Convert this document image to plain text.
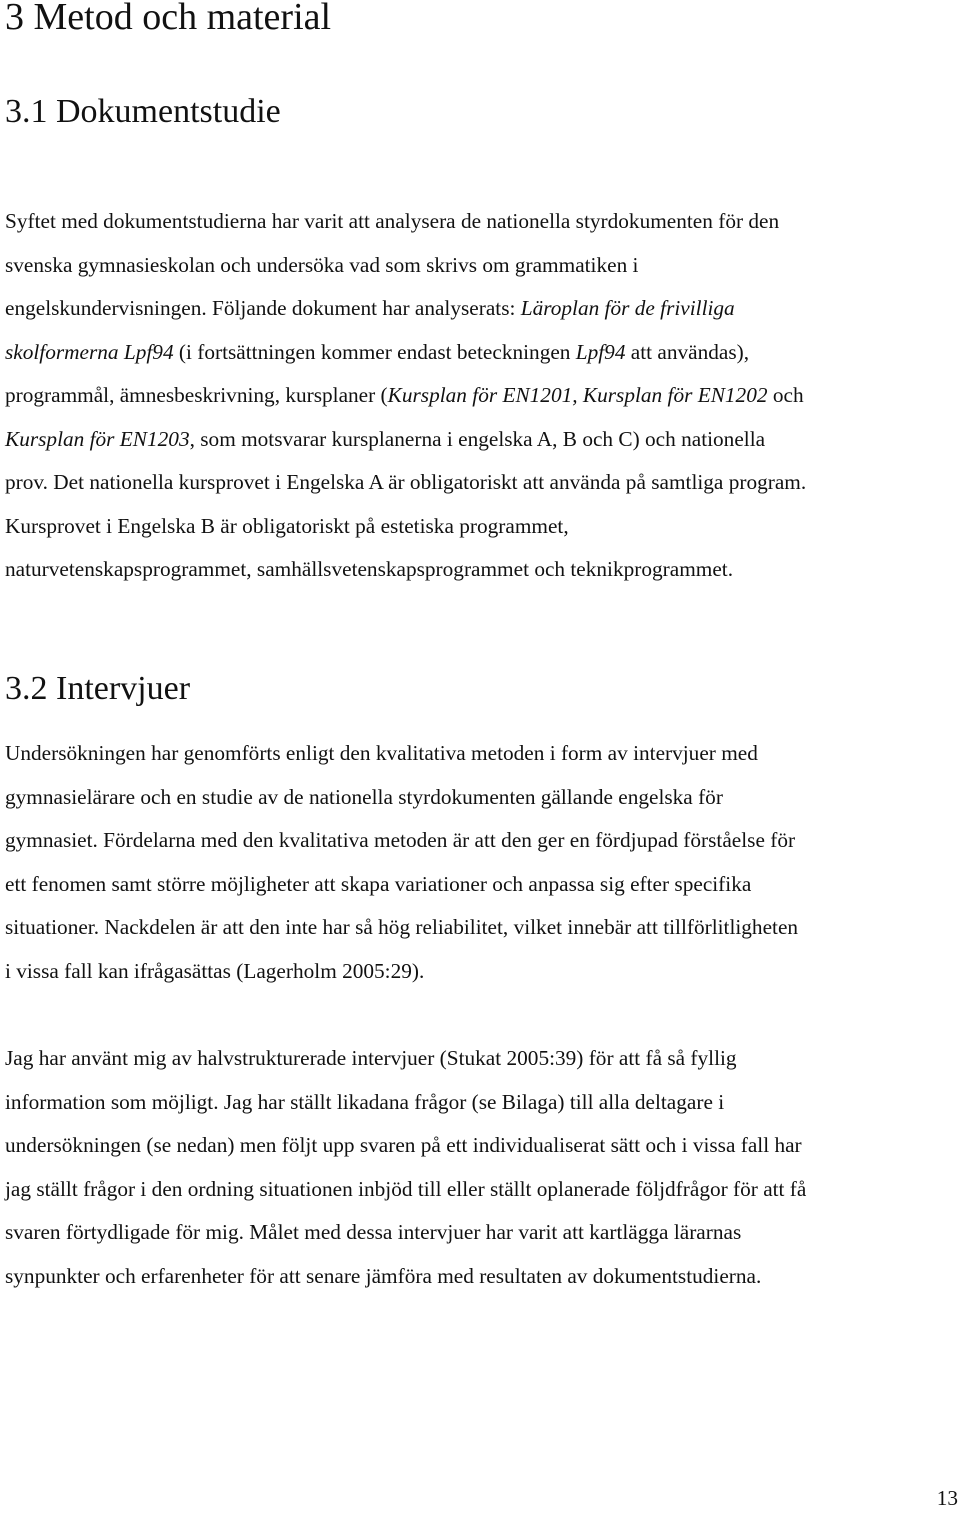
3 Metod och material
3.1 Dokumentstudie
Syftet med dokumentstudierna har varit att analysera de nationella styrdokumenten för den
svenska gymnasieskolan och undersöka vad som skrivs om grammatiken i
engelskundervisningen. Följande dokument har analyserats: Läroplan för de frivilliga
skolformerna Lpf94 (i fortsättningen kommer endast beteckningen Lpf94 att användas),
programmål, ämnesbeskrivning, kursplaner (Kursplan för EN1201, Kursplan för EN1202 och
Kursplan för EN1203, som motsvarar kursplanerna i engelska A, B och C) och nationella
prov. Det nationella kursprovet i Engelska A är obligatoriskt att använda på samtliga program.
Kursprovet i Engelska B är obligatoriskt på estetiska programmet,
naturvetenskapsprogrammet, samhällsvetenskapsprogrammet och teknikprogrammet.
3.2 Intervjuer
Undersökningen har genomförts enligt den kvalitativa metoden i form av intervjuer med
gymnasielärare och en studie av de nationella styrdokumenten gällande engelska för
gymnasiet. Fördelarna med den kvalitativa metoden är att den ger en fördjupad förståelse för
ett fenomen samt större möjligheter att skapa variationer och anpassa sig efter specifika
situationer. Nackdelen är att den inte har så hög reliabilitet, vilket innebär att tillförlitligheten
i vissa fall kan ifrågasättas (Lagerholm 2005:29).
Jag har använt mig av halvstrukturerade intervjuer (Stukat 2005:39) för att få så fyllig
information som möjligt. Jag har ställt likadana frågor (se Bilaga) till alla deltagare i
undersökningen (se nedan) men följt upp svaren på ett individualiserat sätt och i vissa fall har
jag ställt frågor i den ordning situationen inbjöd till eller ställt oplanerade följdfrågor för att få
svaren förtydligade för mig. Målet med dessa intervjuer har varit att kartlägga lärarnas
synpunkter och erfarenheter för att senare jämföra med resultaten av dokumentstudierna.
13
